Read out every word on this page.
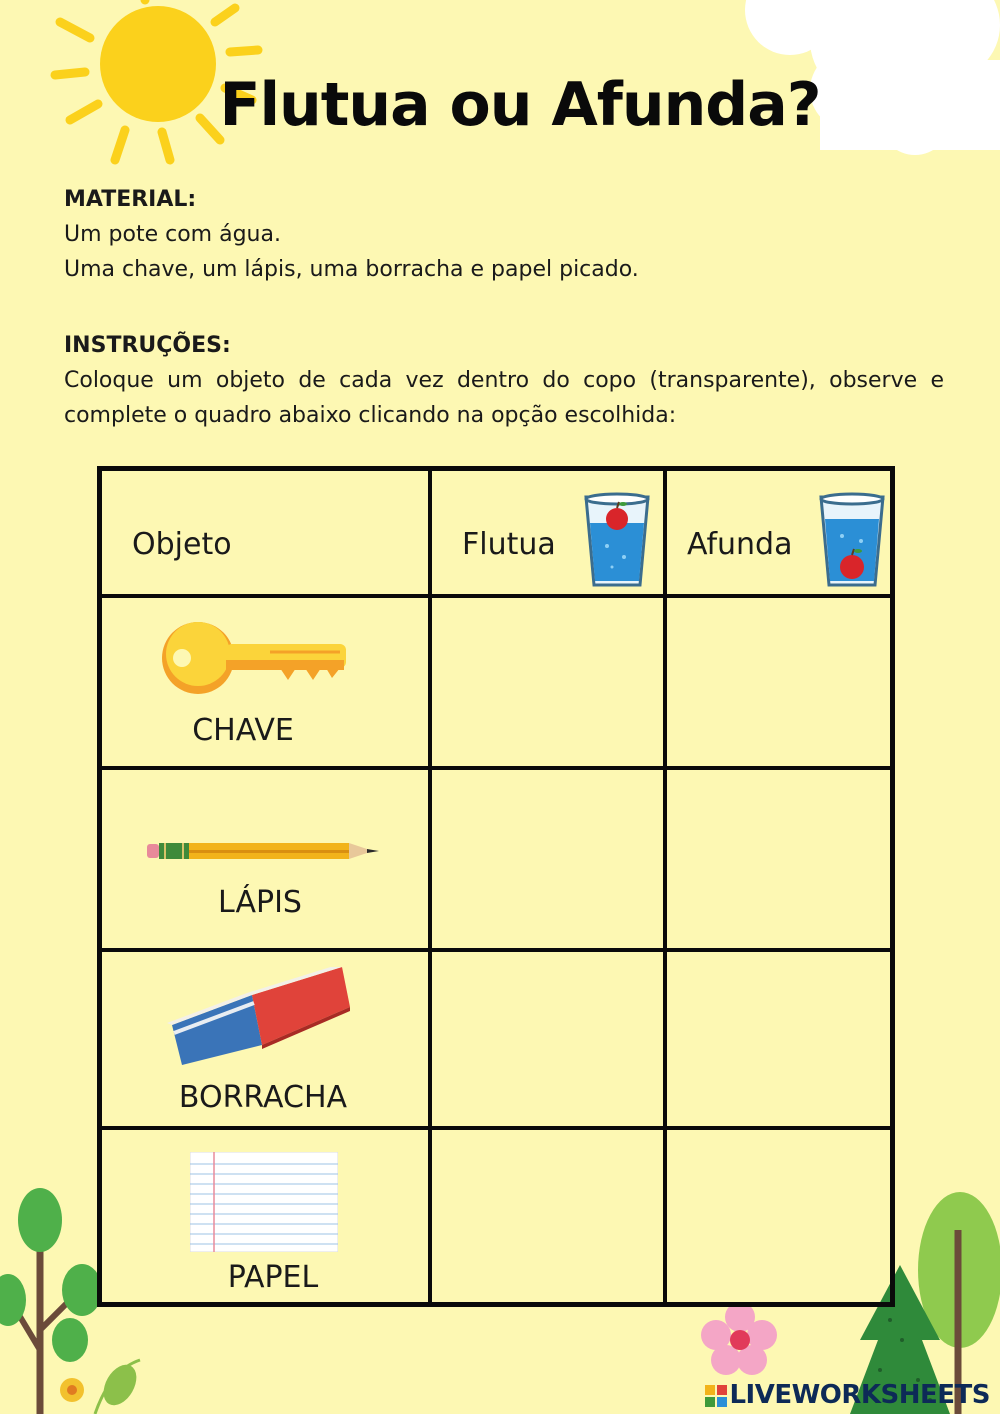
Flutua ou Afunda?
MATERIAL:
Um pote com água.
Uma chave, um lápis, uma borracha e papel picado.
INSTRUÇÕES:
Coloque um objeto de cada vez dentro do copo (transparente), observe e complete o quadro abaixo clicando na opção escolhida:
Objeto	Flutua	Afunda
CHAVE
LÁPIS
BORRACHA
PAPEL
LIVEWORKSHEETS
